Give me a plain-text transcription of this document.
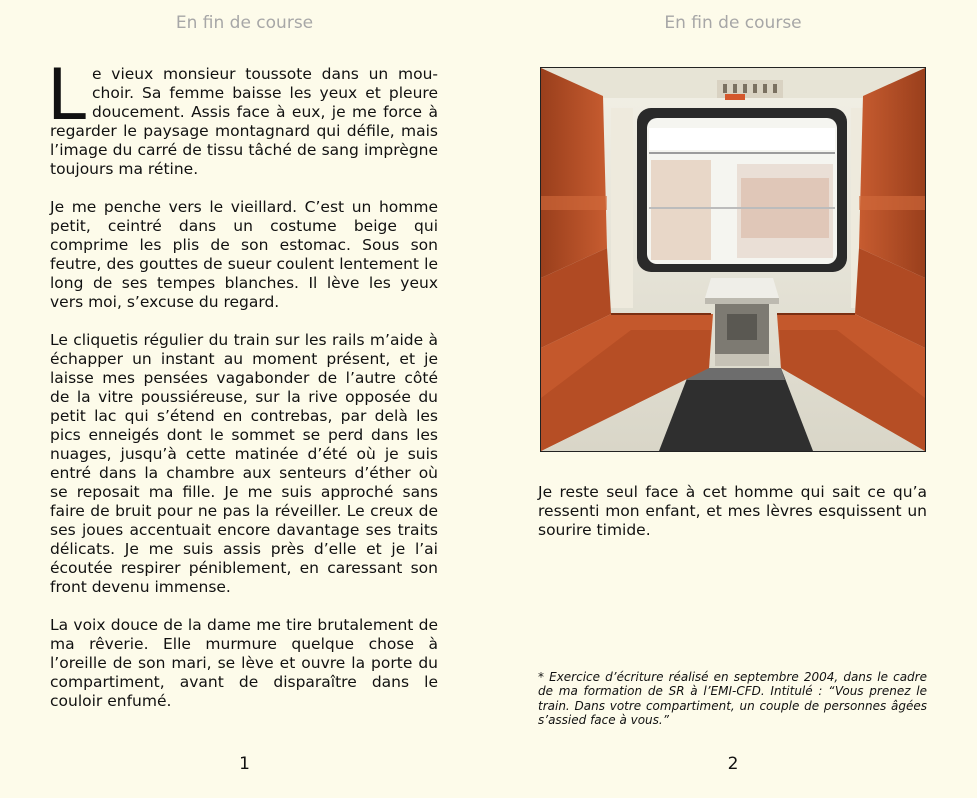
En fin de course

Le vieux monsieur toussote dans un mouchoir. Sa femme baisse les yeux et pleure doucement. Assis face à eux, je me force à regarder le paysage montagnard qui défile, mais l’image du carré de tissu tâché de sang imprègne toujours ma rétine.

Je me penche vers le vieillard. C’est un homme petit, ceintré dans un costume beige qui comprime les plis de son estomac. Sous son feutre, des gouttes de sueur coulent lentement le long de ses tempes blanches. Il lève les yeux vers moi, s’excuse du regard.

Le cliquetis régulier du train sur les rails m’aide à échapper un instant au moment présent, et je laisse mes pensées vagabonder de l’autre côté de la vitre poussiéreuse, sur la rive opposée du petit lac qui s’étend en contrebas, par delà les pics enneigés dont le sommet se perd dans les nuages, jusqu’à cette matinée d’été où je suis entré dans la chambre aux senteurs d’éther où se reposait ma fille. Je me suis approché sans faire de bruit pour ne pas la réveiller. Le creux de ses joues accentuait encore davantage ses traits délicats. Je me suis assis près d’elle et je l’ai écoutée respirer péniblement, en caressant son front devenu immense.

La voix douce de la dame me tire brutalement de ma rêverie. Elle murmure quelque chose à l’oreille de son mari, se lève et ouvre la porte du compartiment, avant de disparaître dans le couloir enfumé.

1
En fin de course

Je reste seul face à cet homme qui sait ce qu’a ressenti mon enfant, et mes lèvres esquissent un sourire timide.

* Exercice d’écriture réalisé en septembre 2004, dans le cadre de ma formation de SR à l’EMI-CFD. Intitulé : “Vous prenez le train. Dans votre compartiment, un couple de personnes âgées s’assied face à vous.”
2
